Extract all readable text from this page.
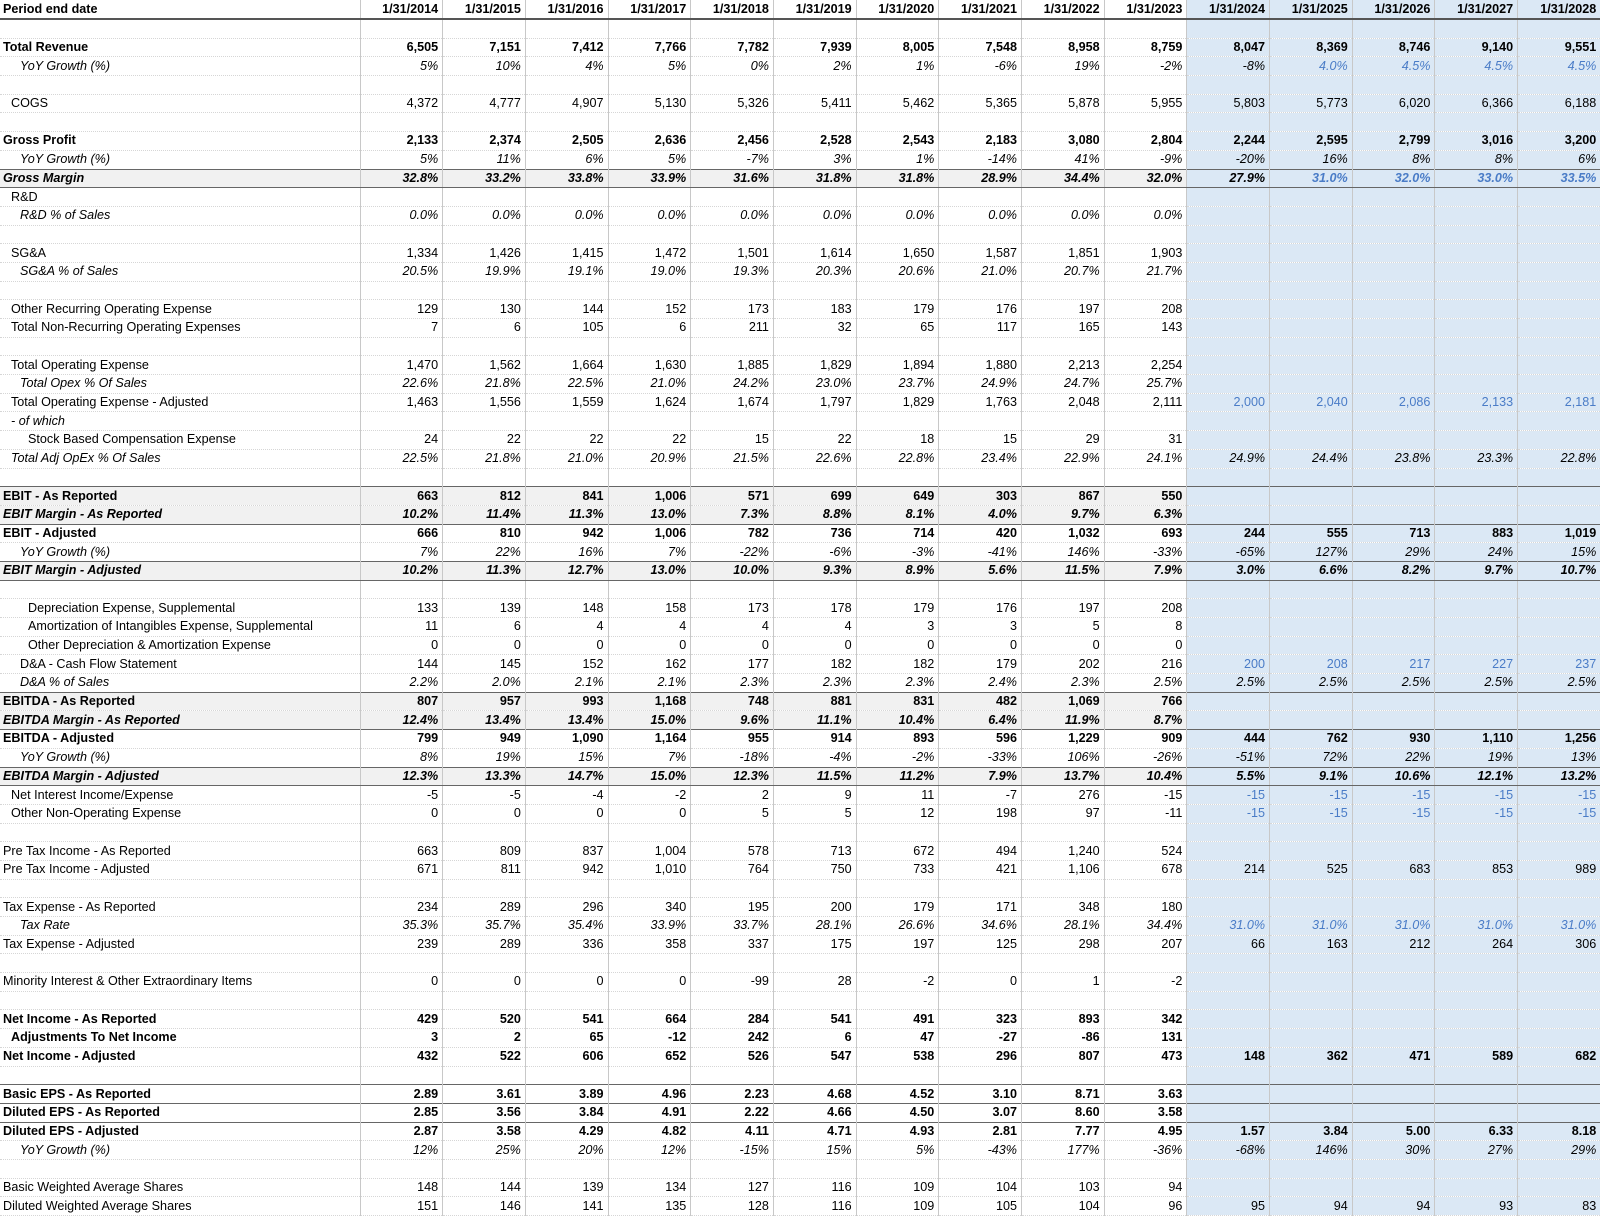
Period end date	1/31/2014	1/31/2015	1/31/2016	1/31/2017	1/31/2018	1/31/2019	1/31/2020	1/31/2021	1/31/2022	1/31/2023	1/31/2024	1/31/2025	1/31/2026	1/31/2027	1/31/2028

Total Revenue	6,505	7,151	7,412	7,766	7,782	7,939	8,005	7,548	8,958	8,759	8,047	8,369	8,746	9,140	9,551
YoY Growth (%)	5%	10%	4%	5%	0%	2%	1%	-6%	19%	-2%	-8%	4.0%	4.5%	4.5%	4.5%

COGS	4,372	4,777	4,907	5,130	5,326	5,411	5,462	5,365	5,878	5,955	5,803	5,773	6,020	6,366	6,188

Gross Profit	2,133	2,374	2,505	2,636	2,456	2,528	2,543	2,183	3,080	2,804	2,244	2,595	2,799	3,016	3,200
YoY Growth (%)	5%	11%	6%	5%	-7%	3%	1%	-14%	41%	-9%	-20%	16%	8%	8%	6%
Gross Margin	32.8%	33.2%	33.8%	33.9%	31.6%	31.8%	31.8%	28.9%	34.4%	32.0%	27.9%	31.0%	32.0%	33.0%	33.5%
R&D															
R&D % of Sales	0.0%	0.0%	0.0%	0.0%	0.0%	0.0%	0.0%	0.0%	0.0%	0.0%					

SG&A	1,334	1,426	1,415	1,472	1,501	1,614	1,650	1,587	1,851	1,903					
SG&A % of Sales	20.5%	19.9%	19.1%	19.0%	19.3%	20.3%	20.6%	21.0%	20.7%	21.7%					

Other Recurring Operating Expense	129	130	144	152	173	183	179	176	197	208					
Total Non-Recurring Operating Expenses	7	6	105	6	211	32	65	117	165	143					

Total Operating Expense	1,470	1,562	1,664	1,630	1,885	1,829	1,894	1,880	2,213	2,254					
Total Opex % Of Sales	22.6%	21.8%	22.5%	21.0%	24.2%	23.0%	23.7%	24.9%	24.7%	25.7%					
Total Operating Expense - Adjusted	1,463	1,556	1,559	1,624	1,674	1,797	1,829	1,763	2,048	2,111	2,000	2,040	2,086	2,133	2,181
- of which															
Stock Based Compensation Expense	24	22	22	22	15	22	18	15	29	31					
Total Adj OpEx % Of Sales	22.5%	21.8%	21.0%	20.9%	21.5%	22.6%	22.8%	23.4%	22.9%	24.1%	24.9%	24.4%	23.8%	23.3%	22.8%

EBIT - As Reported	663	812	841	1,006	571	699	649	303	867	550					
EBIT Margin - As Reported	10.2%	11.4%	11.3%	13.0%	7.3%	8.8%	8.1%	4.0%	9.7%	6.3%					
EBIT - Adjusted	666	810	942	1,006	782	736	714	420	1,032	693	244	555	713	883	1,019
YoY Growth (%)	7%	22%	16%	7%	-22%	-6%	-3%	-41%	146%	-33%	-65%	127%	29%	24%	15%
EBIT Margin - Adjusted	10.2%	11.3%	12.7%	13.0%	10.0%	9.3%	8.9%	5.6%	11.5%	7.9%	3.0%	6.6%	8.2%	9.7%	10.7%

Depreciation Expense, Supplemental	133	139	148	158	173	178	179	176	197	208					
Amortization of Intangibles Expense, Supplemental	11	6	4	4	4	4	3	3	5	8					
Other Depreciation & Amortization Expense	0	0	0	0	0	0	0	0	0	0					
D&A - Cash Flow Statement	144	145	152	162	177	182	182	179	202	216	200	208	217	227	237
D&A % of Sales	2.2%	2.0%	2.1%	2.1%	2.3%	2.3%	2.3%	2.4%	2.3%	2.5%	2.5%	2.5%	2.5%	2.5%	2.5%
EBITDA - As Reported	807	957	993	1,168	748	881	831	482	1,069	766					
EBITDA Margin - As Reported	12.4%	13.4%	13.4%	15.0%	9.6%	11.1%	10.4%	6.4%	11.9%	8.7%					
EBITDA - Adjusted	799	949	1,090	1,164	955	914	893	596	1,229	909	444	762	930	1,110	1,256
YoY Growth (%)	8%	19%	15%	7%	-18%	-4%	-2%	-33%	106%	-26%	-51%	72%	22%	19%	13%
EBITDA Margin - Adjusted	12.3%	13.3%	14.7%	15.0%	12.3%	11.5%	11.2%	7.9%	13.7%	10.4%	5.5%	9.1%	10.6%	12.1%	13.2%
Net Interest Income/Expense	-5	-5	-4	-2	2	9	11	-7	276	-15	-15	-15	-15	-15	-15
Other Non-Operating Expense	0	0	0	0	5	5	12	198	97	-11	-15	-15	-15	-15	-15

Pre Tax Income - As Reported	663	809	837	1,004	578	713	672	494	1,240	524					
Pre Tax Income - Adjusted	671	811	942	1,010	764	750	733	421	1,106	678	214	525	683	853	989

Tax Expense - As Reported	234	289	296	340	195	200	179	171	348	180					
Tax Rate	35.3%	35.7%	35.4%	33.9%	33.7%	28.1%	26.6%	34.6%	28.1%	34.4%	31.0%	31.0%	31.0%	31.0%	31.0%
Tax Expense - Adjusted	239	289	336	358	337	175	197	125	298	207	66	163	212	264	306

Minority Interest & Other Extraordinary Items	0	0	0	0	-99	28	-2	0	1	-2					

Net Income - As Reported	429	520	541	664	284	541	491	323	893	342					
Adjustments To Net Income	3	2	65	-12	242	6	47	-27	-86	131					
Net Income - Adjusted	432	522	606	652	526	547	538	296	807	473	148	362	471	589	682

Basic EPS - As Reported	2.89	3.61	3.89	4.96	2.23	4.68	4.52	3.10	8.71	3.63					
Diluted EPS - As Reported	2.85	3.56	3.84	4.91	2.22	4.66	4.50	3.07	8.60	3.58					
Diluted EPS - Adjusted	2.87	3.58	4.29	4.82	4.11	4.71	4.93	2.81	7.77	4.95	1.57	3.84	5.00	6.33	8.18
YoY Growth (%)	12%	25%	20%	12%	-15%	15%	5%	-43%	177%	-36%	-68%	146%	30%	27%	29%

Basic Weighted Average Shares	148	144	139	134	127	116	109	104	103	94					
Diluted Weighted Average Shares	151	146	141	135	128	116	109	105	104	96	95	94	94	93	83
